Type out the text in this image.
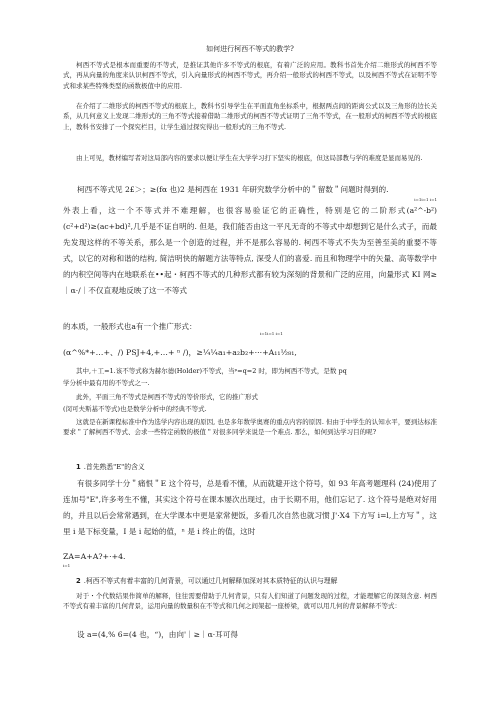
如何进行柯西不等式的教学?

柯西不等式是根本而重要的不等式，是推证其他许多不等式的根底，有着广泛的应用。教科书首先介绍二维形式的柯西不等式，再从向量的角度来认识柯西不等式，引入向量形式的柯西不等式，再介绍一般形式的柯西不等式，以及柯西不等式在证明不等式和求某些特殊类型的函数极值中的应用.

在介绍了二维形式的柯西不等式的根底上，教科书引导学生在平面直角坐标系中，根据两点间的距离公式以及三角形的边长关系，从几何意义上发现二维形式的三角不等式接着借助二维形式的柯西不等式证明了三角不等式，在一般形式的柯西不等式的根底上，教科书安排了一个探究栏目，让学生通过探究得出一般形式的三角不等式.

由上可见，教材编写者对这局部内容的要求以便让学生在大学学习打下坚实的根底，但这局部教与学的难度是显而易见的.

柯西不等式见 2£＞；≥(fα 也)2 是柯西在 1931 年研究数学分析中的＂留数＂问题时得到的.

i=1i=1 i=1

外表上看，这一个不等式并不难理解，也很容易验证它的正确性，特别是它的二阶形式(a²^-b²)(c²+d²)≥(ac+bd)²,几乎是不证自明的. 但是，我们能否由这一平凡无奇的不等式中却想到它是什么式子，而最先发现这样的不等关系，那么是一个创造的过程，并不是那么容易的. 柯西不等式不失为至善至美的重要不等式，以它的对称和谐的结构, 简洁明快的解题方法等特点, 深受人们的喜爱. 而且和物理学中的矢量、高等数学中的内积空间等内在地联系在••起・柯西不等式的几种形式都有较为深刻的背景和广泛的应用，向量形式 KI 网≥｜α·/｜不仅直观地反映了这一不等式

的本质，一般形式也a有一个推广形式：

i=1i=1 i=1

(α^%*+…+、/) PSJ+4,+…+ ⁿ /)，≥¼¼a₁+a₂b₂+···+A₁₁½₈₁,

其中,＋工=1.该不等式称为赫尔德(Holder)不等式，当ᵖ=q=2 时，即为柯西不等式，是数 pq

学分析中最有用的不等式之一.

此外，平面三角不等式是柯西不等式的等价形式，它的推广形式

(闵可夫斯基不等式)也是数学分析中的经典不等式.

这就是在新课程标准中作为选学内容出现的原因, 也是多年数学奥赛的重点内容的原因. 但由于中学生的认知水平，要到达标准要求＂了解柯西不等式、会求一些特定函数的极值＂对很多同学来说是一个难点. 那么，如何到达学习目的呢?

1 .首先熟悉"E"的含义

有很多同学十分＂痛恨＂E 这个符号，总是看不懂，从而就避开这个符号，如 93 年高考题理科 (24)使用了连加号"E",许多考生不懂，其实这个符号在课本屡次出现过，由于长期不用，他们忘记了. 这个符号是绝对好用的，并且以后会常常遇到，在大学课本中更是家常便饭，多看几次自然也就习惯 J'·X4 下方写 i=l,上方写＂，这里 i 是下标变量，I 是 i 起始的值，ⁿ 是 i 终止的值，这时

ZA=A+A?+·+4.

i=1

2 .柯西不等式有着丰富的几何背景，可以通过几何解释加深对其本质特征的认识与理解

对于・个代数结果作简单的解释，往往需要借助于几何背景，只有人们知道了问题发现的过程，才能理解它的深刻含意. 柯西不等式有着丰富的几何背景，运用向量的数量积在不等式和几何之间架起一座桥梁，就可以用几何的背景解释不等式：

设 a=(4,% 6=(4 也，“)，由向'｜≥｜α·耳可得
